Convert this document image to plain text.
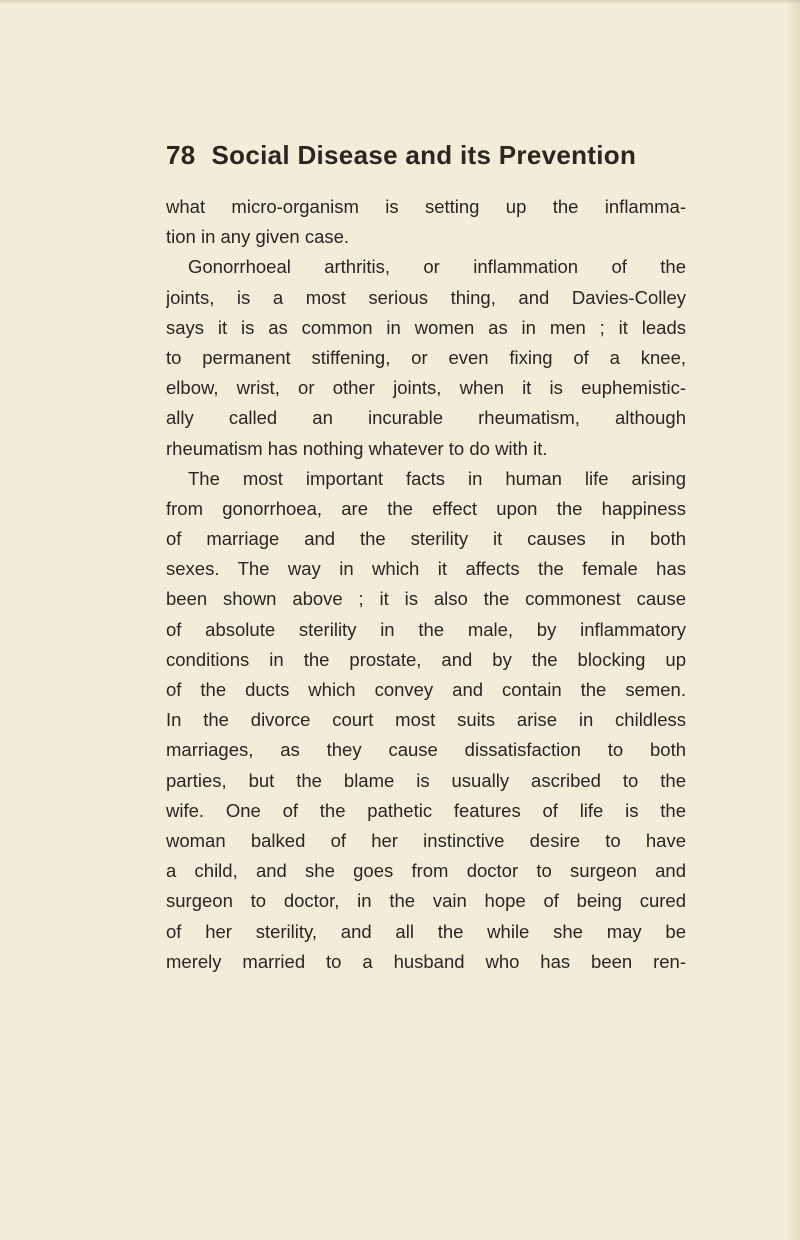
78 Social Disease and its Prevention
what micro-organism is setting up the inflamma-
tion in any given case.
Gonorrhoeal arthritis, or inflammation of the
joints, is a most serious thing, and Davies-Colley
says it is as common in women as in men ; it leads
to permanent stiffening, or even fixing of a knee,
elbow, wrist, or other joints, when it is euphemistic-
ally called an incurable rheumatism, although
rheumatism has nothing whatever to do with it.
The most important facts in human life arising
from gonorrhoea, are the effect upon the happiness
of marriage and the sterility it causes in both
sexes. The way in which it affects the female has
been shown above ; it is also the commonest cause
of absolute sterility in the male, by inflammatory
conditions in the prostate, and by the blocking up
of the ducts which convey and contain the semen.
In the divorce court most suits arise in childless
marriages, as they cause dissatisfaction to both
parties, but the blame is usually ascribed to the
wife. One of the pathetic features of life is the
woman balked of her instinctive desire to have
a child, and she goes from doctor to surgeon and
surgeon to doctor, in the vain hope of being cured
of her sterility, and all the while she may be
merely married to a husband who has been ren-
